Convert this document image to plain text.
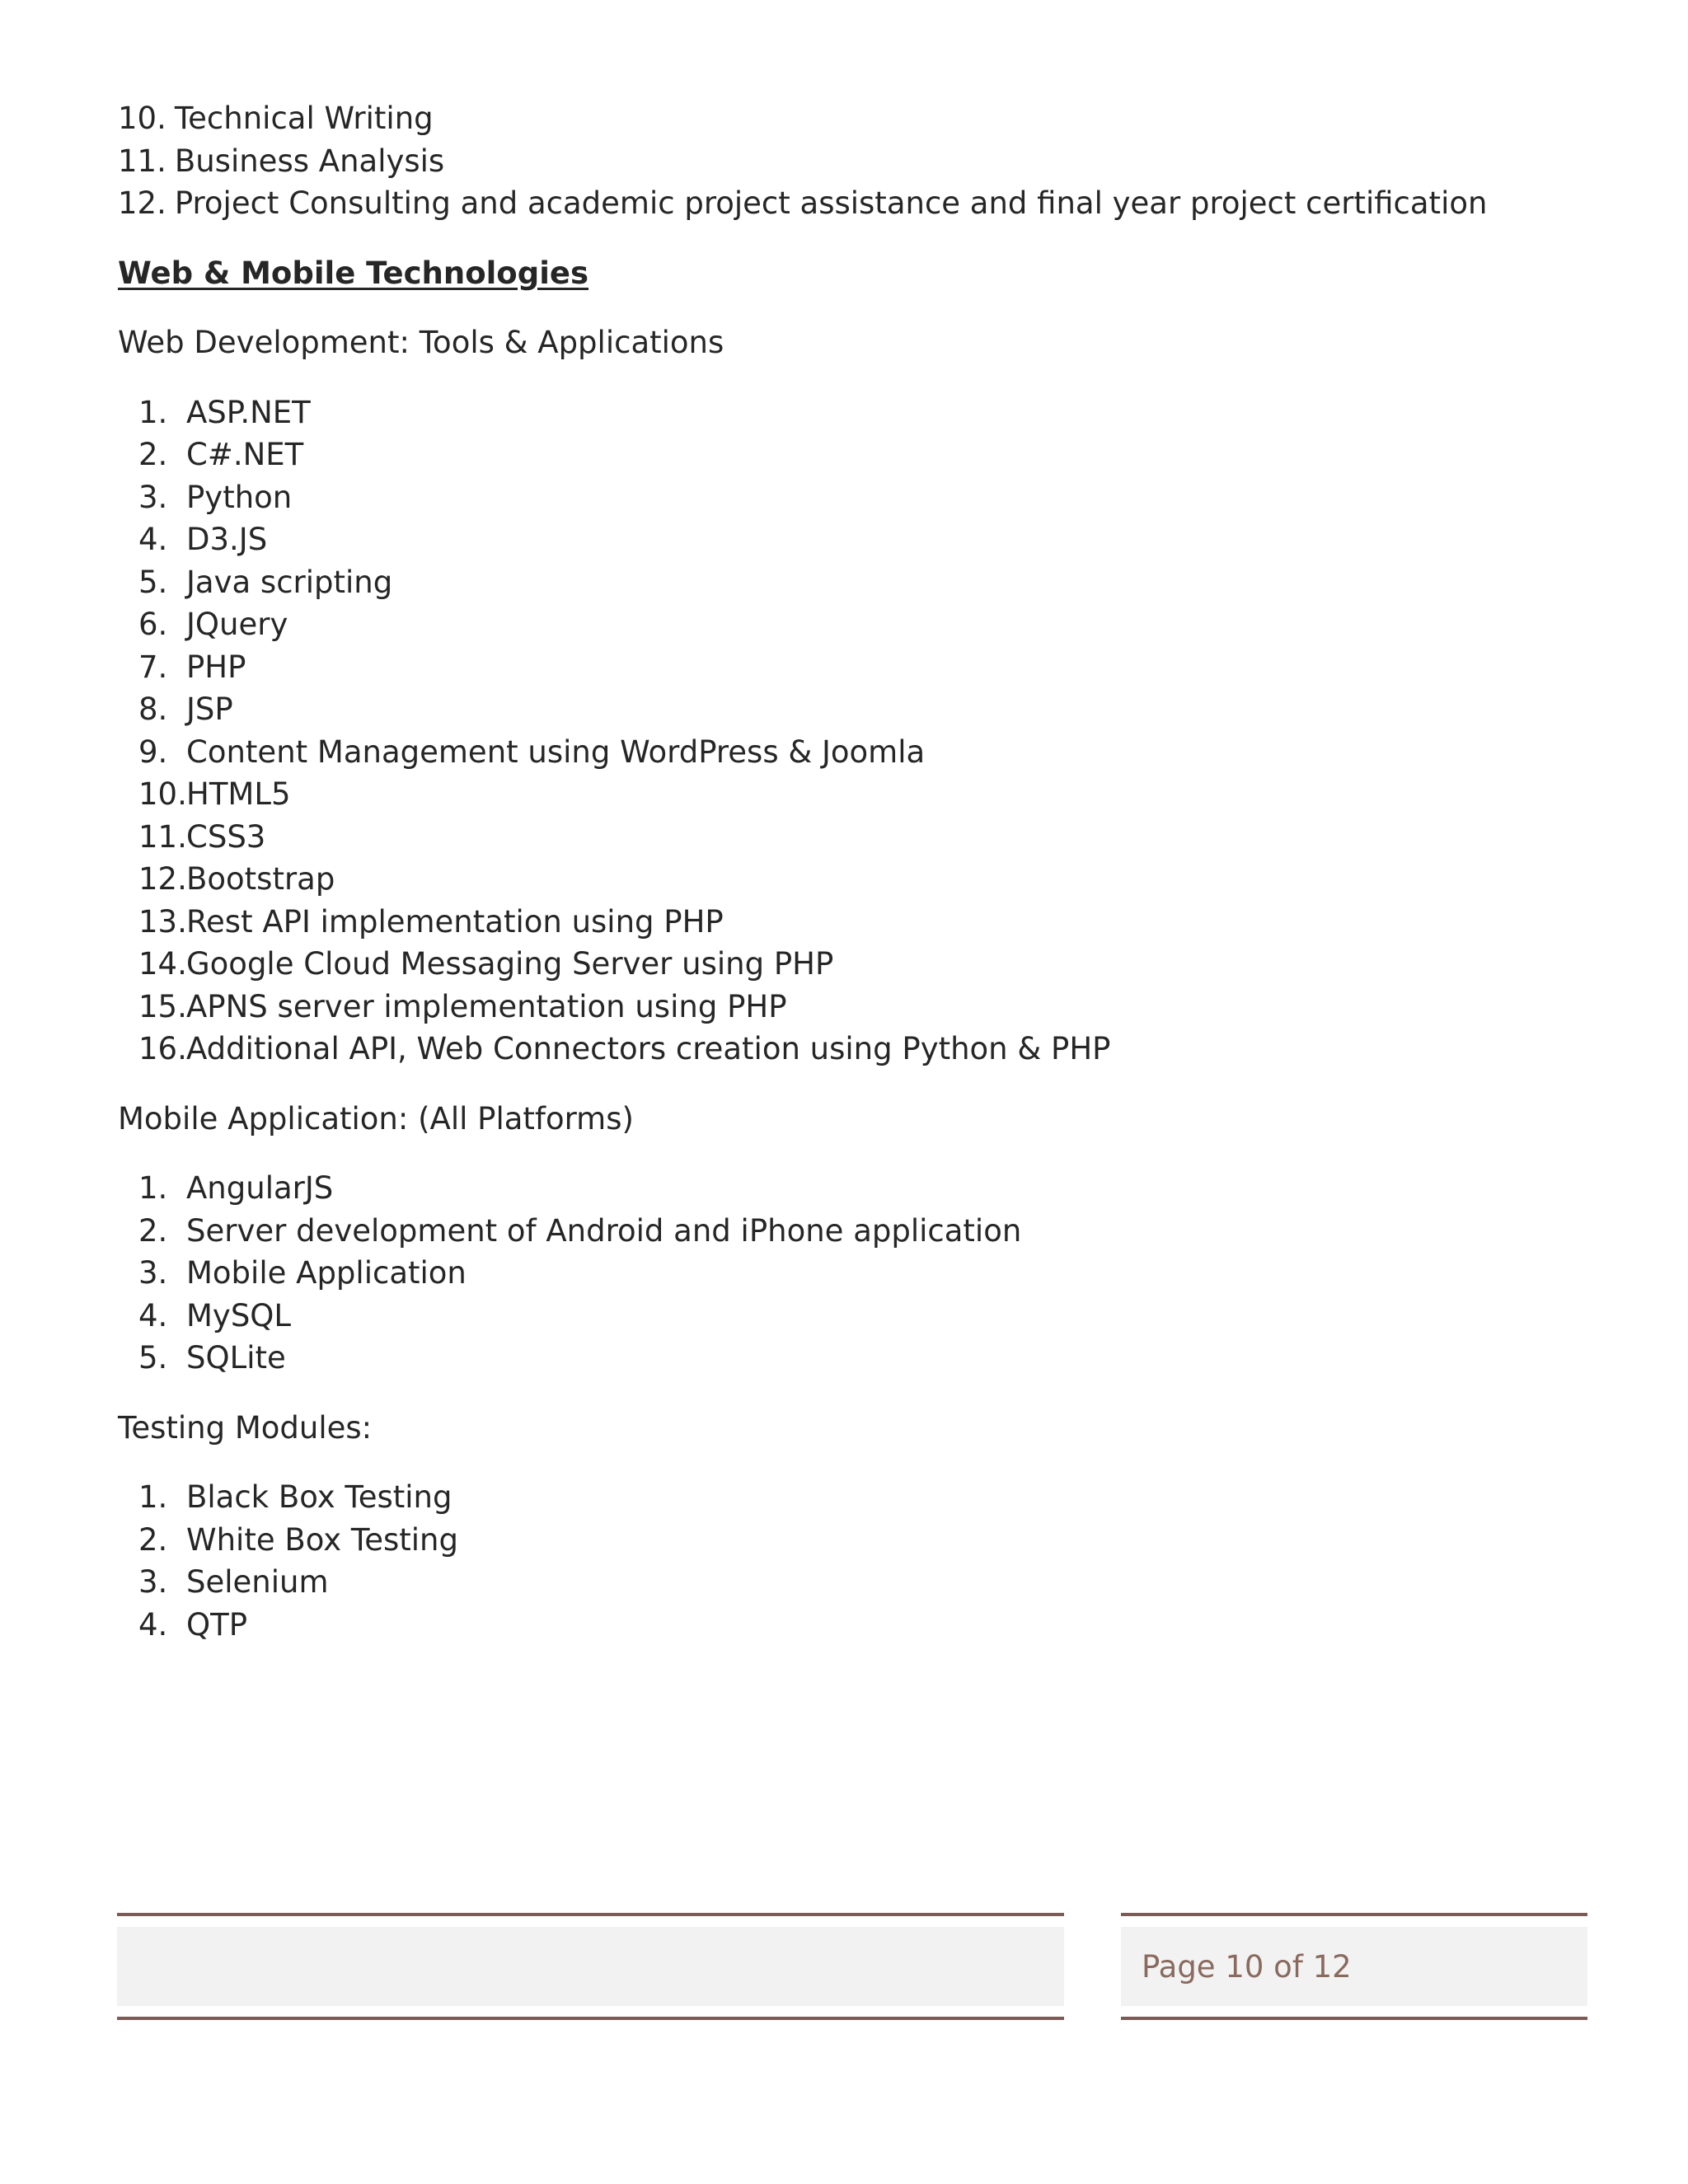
10. Technical Writing
11. Business Analysis
12. Project Consulting and academic project assistance and final year project certification
Web & Mobile Technologies
Web Development: Tools & Applications
1. ASP.NET
2. C#.NET
3. Python
4. D3.JS
5. Java scripting
6. JQuery
7. PHP
8. JSP
9. Content Management using WordPress & Joomla
10.HTML5
11.CSS3
12.Bootstrap
13.Rest API implementation using PHP
14.Google Cloud Messaging Server using PHP
15.APNS server implementation using PHP
16.Additional API, Web Connectors creation using Python & PHP
Mobile Application: (All Platforms)
1. AngularJS
2. Server development of Android and iPhone application
3. Mobile Application
4. MySQL
5. SQLite
Testing Modules:
1. Black Box Testing
2. White Box Testing
3. Selenium
4. QTP
Page 10 of 12
